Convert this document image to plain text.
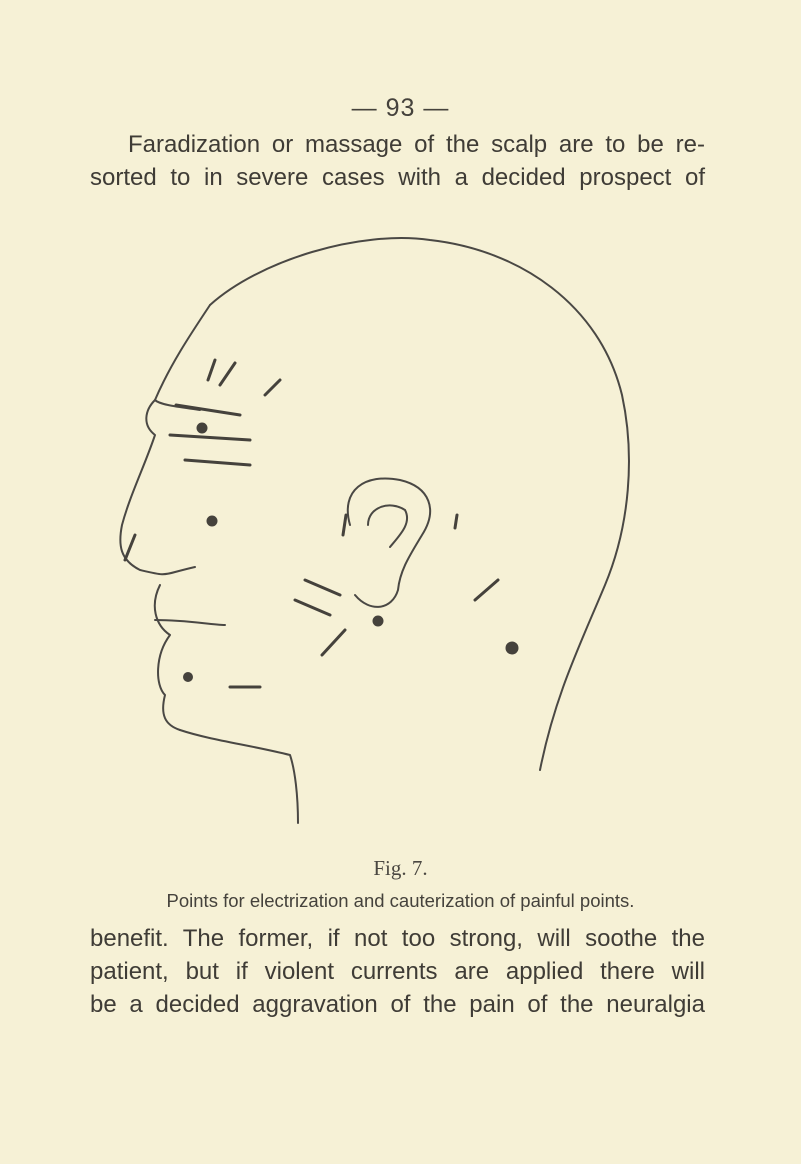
— 93 —
Faradization or massage of the scalp are to be re-
sorted to in severe cases with a decided prospect of
Fig. 7.
Points for electrization and cauterization of painful points.
benefit. The former, if not too strong, will soothe the
patient, but if violent currents are applied there will
be a decided aggravation of the pain of the neuralgia
